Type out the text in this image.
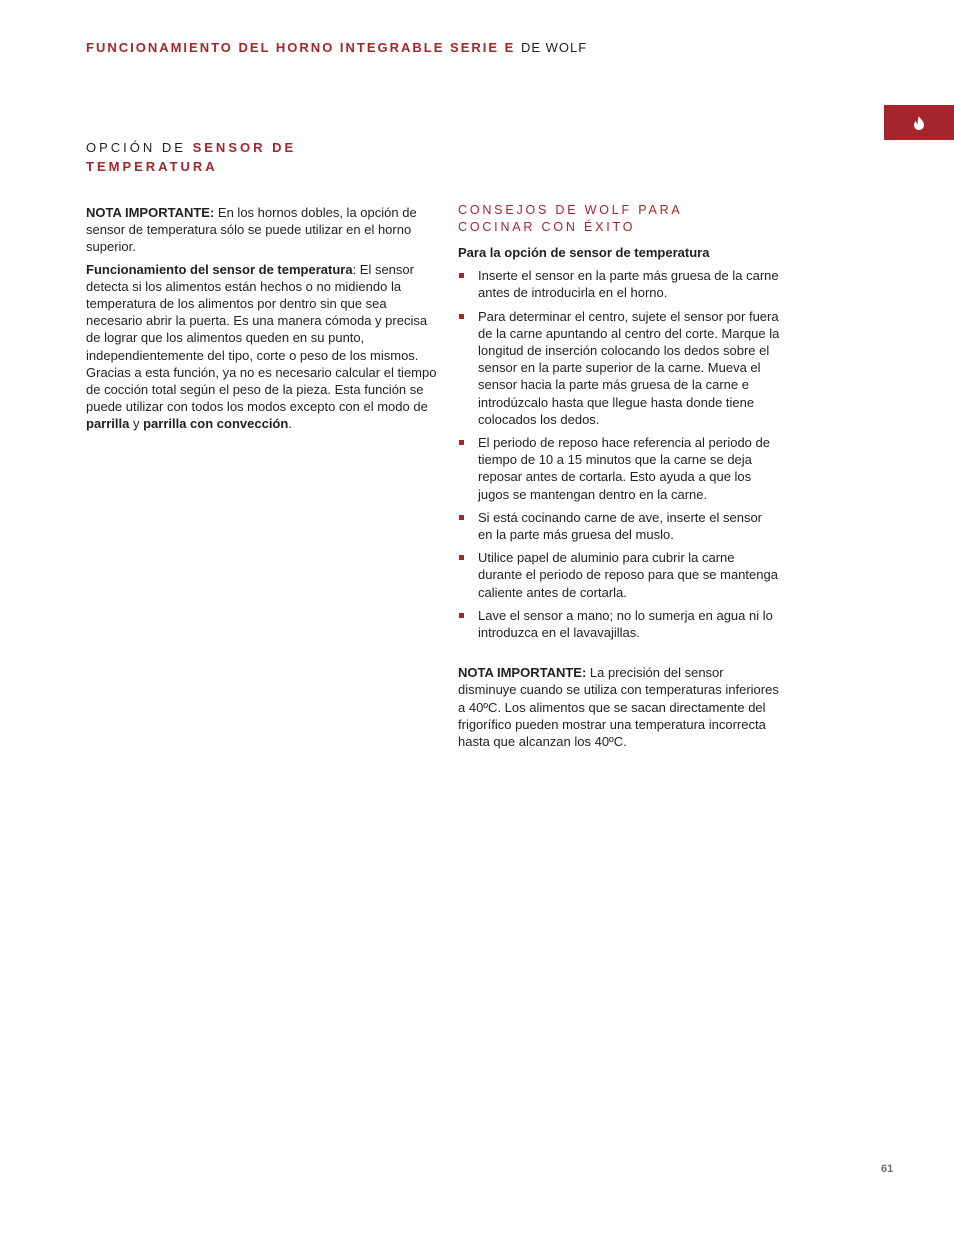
FUNCIONAMIENTO DEL HORNO INTEGRABLE SERIE E DE WOLF
OPCIÓN DE SENSOR DE
TEMPERATURA

NOTA IMPORTANTE: En los hornos dobles, la opción de sensor de temperatura sólo se puede utilizar en el horno superior.

Funcionamiento del sensor de temperatura: El sensor detecta si los alimentos están hechos o no midiendo la temperatura de los alimentos por dentro sin que sea necesario abrir la puerta. Es una manera cómoda y precisa de lograr que los alimentos queden en su punto, independientemente del tipo, corte o peso de los mismos. Gracias a esta función, ya no es necesario calcular el tiempo de cocción total según el peso de la pieza. Esta función se puede utilizar con todos los modos excepto con el modo de parrilla y parrilla con convección.

CONSEJOS DE WOLF PARA
COCINAR CON ÉXITO
Para la opción de sensor de temperatura
Inserte el sensor en la parte más gruesa de la carne antes de introducirla en el horno.
Para determinar el centro, sujete el sensor por fuera de la carne apuntando al centro del corte. Marque la longitud de inserción colocando los dedos sobre el sensor en la parte superior de la carne. Mueva el sensor hacia la parte más gruesa de la carne e introdúzcalo hasta que llegue hasta donde tiene colocados los dedos.
El periodo de reposo hace referencia al periodo de tiempo de 10 a 15 minutos que la carne se deja reposar antes de cortarla. Esto ayuda a que los jugos se mantengan dentro en la carne.
Si está cocinando carne de ave, inserte el sensor en la parte más gruesa del muslo.
Utilice papel de aluminio para cubrir la carne durante el periodo de reposo para que se mantenga caliente antes de cortarla.
Lave el sensor a mano; no lo sumerja en agua ni lo introduzca en el lavavajillas.

NOTA IMPORTANTE: La precisión del sensor disminuye cuando se utiliza con temperaturas inferiores a 40ºC. Los alimentos que se sacan directamente del frigorífico pueden mostrar una temperatura incorrecta hasta que alcanzan los 40ºC.

61
